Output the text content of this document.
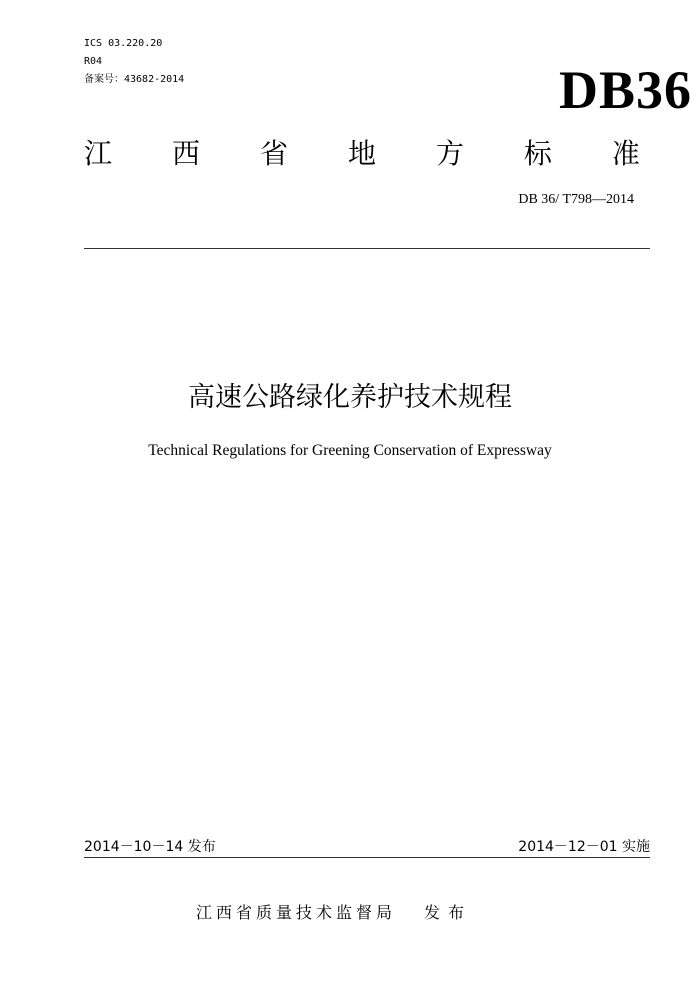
ICS 03.220.20
R04
备案号：43682-2014	DB36
江 西 省 地 方 标 准
DB 36/ T798—2014
高速公路绿化养护技术规程
Technical Regulations for Greening Conservation of Expressway
2014－10－14 发布	2014－12－01 实施
江西省质量技术监督局 发布
